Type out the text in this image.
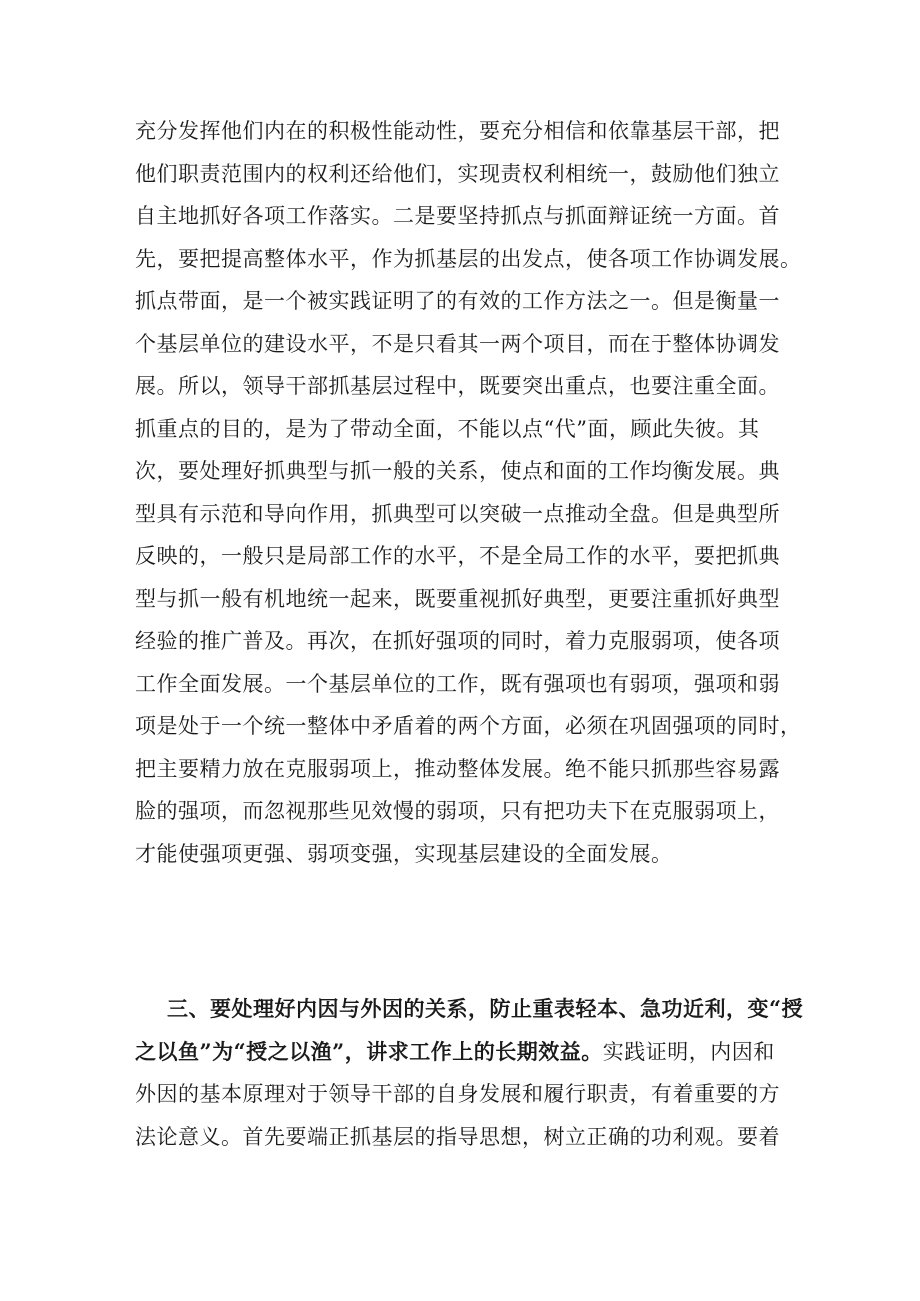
充分发挥他们内在的积极性能动性，要充分相信和依靠基层干部，把
他们职责范围内的权利还给他们，实现责权利相统一，鼓励他们独立
自主地抓好各项工作落实。二是要坚持抓点与抓面辩证统一方面。首
先，要把提高整体水平，作为抓基层的出发点，使各项工作协调发展。
抓点带面，是一个被实践证明了的有效的工作方法之一。但是衡量一
个基层单位的建设水平，不是只看其一两个项目，而在于整体协调发
展。所以，领导干部抓基层过程中，既要突出重点，也要注重全面。
抓重点的目的，是为了带动全面，不能以点“代”面，顾此失彼。其
次，要处理好抓典型与抓一般的关系，使点和面的工作均衡发展。典
型具有示范和导向作用，抓典型可以突破一点推动全盘。但是典型所
反映的，一般只是局部工作的水平，不是全局工作的水平，要把抓典
型与抓一般有机地统一起来，既要重视抓好典型，更要注重抓好典型
经验的推广普及。再次，在抓好强项的同时，着力克服弱项，使各项
工作全面发展。一个基层单位的工作，既有强项也有弱项，强项和弱
项是处于一个统一整体中矛盾着的两个方面，必须在巩固强项的同时，
把主要精力放在克服弱项上，推动整体发展。绝不能只抓那些容易露
脸的强项，而忽视那些见效慢的弱项，只有把功夫下在克服弱项上，
才能使强项更强、弱项变强，实现基层建设的全面发展。
三、要处理好内因与外因的关系，防止重表轻本、急功近利，变“授
之以鱼”为“授之以渔”，讲求工作上的长期效益。实践证明，内因和
外因的基本原理对于领导干部的自身发展和履行职责，有着重要的方
法论意义。首先要端正抓基层的指导思想，树立正确的功利观。要着
